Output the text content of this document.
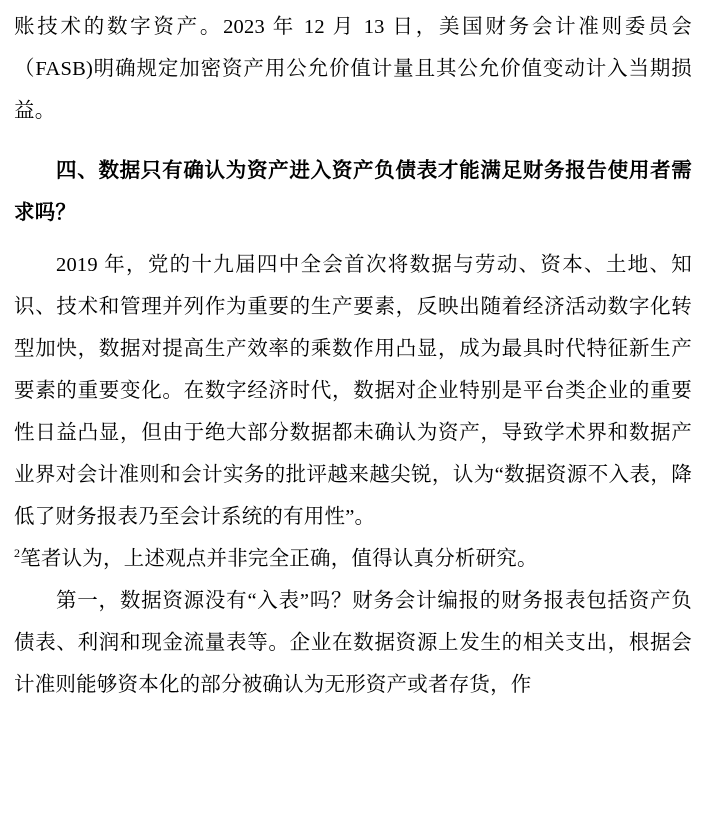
账技术的数字资产。2023 年 12 月 13 日，美国财务会计准则委员会（FASB)明确规定加密资产用公允价值计量且其公允价值变动计入当期损益。

四、数据只有确认为资产进入资产负债表才能满足财务报告使用者需求吗？

2019 年，党的十九届四中全会首次将数据与劳动、资本、土地、知识、技术和管理并列作为重要的生产要素，反映出随着经济活动数字化转型加快，数据对提高生产效率的乘数作用凸显，成为最具时代特征新生产要素的重要变化。在数字经济时代，数据对企业特别是平台类企业的重要性日益凸显，但由于绝大部分数据都未确认为资产，导致学术界和数据产业界对会计准则和会计实务的批评越来越尖锐，认为“数据资源不入表，降低了财务报表乃至会计系统的有用性”。

$^2$笔者认为，上述观点并非完全正确，值得认真分析研究。

第一，数据资源没有“入表”吗？财务会计编报的财务报表包括资产负债表、利润和现金流量表等。企业在数据资源上发生的相关支出，根据会计准则能够资本化的部分被确认为无形资产或者存货，作
